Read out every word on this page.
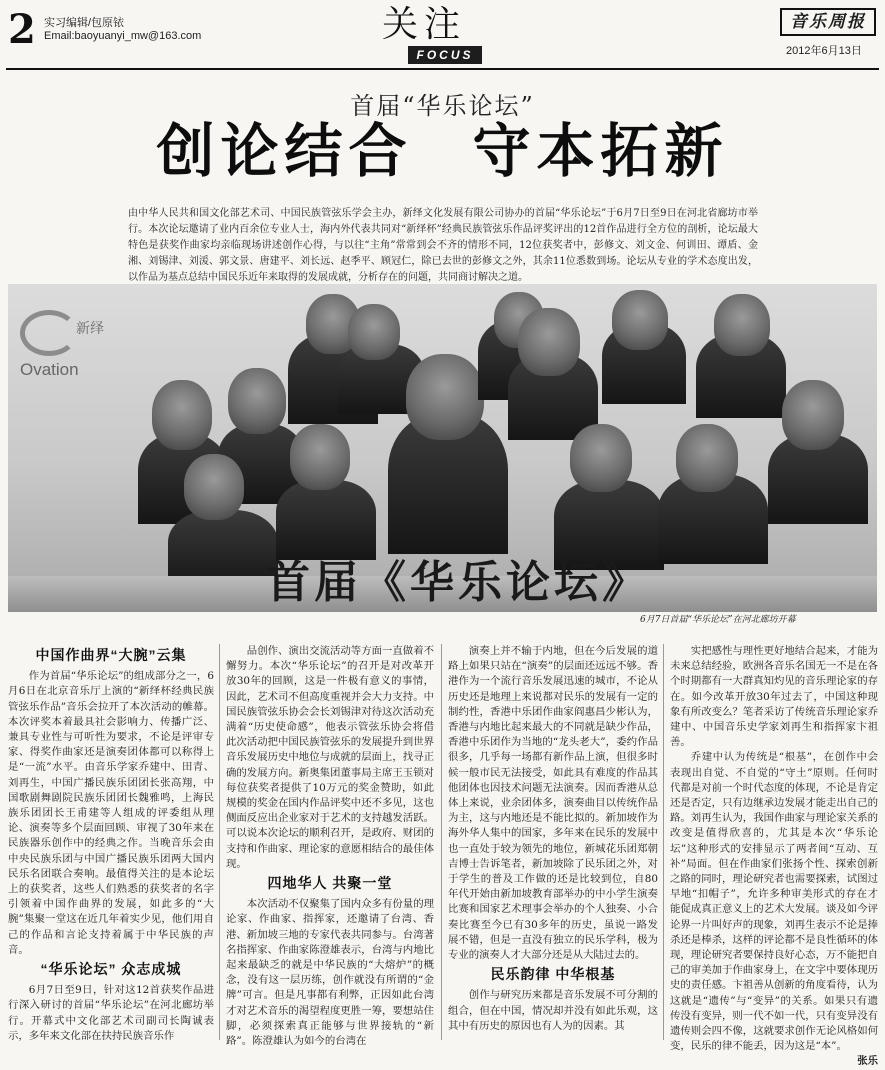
2 实习编辑/包原铱
Email:baoyuanyi_mw@163.com	关注
FOCUS
音乐周报
2012年6月13日
首届“华乐论坛”
创论结合 守本拓新
由中华人民共和国文化部艺术司、中国民族管弦乐学会主办，新绎文化发展有限公司协办的首届“华乐论坛”于6月7日至9日在河北省廊坊市举行。本次论坛邀请了业内百余位专业人士，海内外代表共同对“新绎杯”经典民族管弦乐作品评奖评出的12首作品进行全方位的剖析，论坛最大特色是获奖作曲家均亲临现场讲述创作心得，与以往“主角”常常到会不齐的情形不同，12位获奖者中，彭修文、刘文金、何训田、谭盾、金湘、刘锡津、刘湲、郭文景、唐建平、刘长远、赵季平、顾冠仁，除已去世的彭修文之外，其余11位悉数到场。论坛从专业的学术态度出发，以作品为基点总结中国民乐近年来取得的发展成就，分析存在的问题，共同商讨解决之道。
Ovation
新绎
首届《华乐论坛》
6月7日首届“华乐论坛”在河北廊坊开幕
中国作曲界“大腕”云集

作为首届“华乐论坛”的组成部分之一，6月6日在北京音乐厅上演的“新绎杯经典民族管弦乐作品”音乐会拉开了本次活动的帷幕。本次评奖本着最具社会影响力、传播广泛、兼具专业性与可听性为要求，不论是评审专家、得奖作曲家还是演奏团体都可以称得上是“一流”水平。由音乐学家乔建中、田青、刘再生，中国广播民族乐团团长张高翔，中国歌剧舞剧院民族乐团团长魏雅鸣，上海民族乐团团长王甫建等人组成的评委组从理论、演奏等多个层面回顾、审视了30年来在民族器乐创作中的经典之作。当晚音乐会由中央民族乐团与中国广播民族乐团两大国内民乐名团联合奏响。最值得关注的是本论坛上的获奖者，这些人们熟悉的获奖者的名字引领着中国作曲界的发展，如此多的“大腕”集聚一堂这在近几年着实少见，他们用自己的作品和言论支持着属于中华民族的声音。

“华乐论坛” 众志成城

6月7日至9日，针对这12首获奖作品进行深入研讨的首届“华乐论坛”在河北廊坊举行。开幕式中文化部艺术司副司长陶诚表示，多年来文化部在扶持民族音乐作

品创作、演出交流活动等方面一直做着不懈努力。本次“华乐论坛”的召开是对改革开放30年的回顾，这是一件极有意义的事情，因此，艺术司不但高度重视并会大力支持。中国民族管弦乐协会会长刘锡津对待这次活动充满着“历史使命感”，他表示管弦乐协会将借此次活动把中国民族管弦乐的发展提升到世界音乐发展历史中地位与成就的层面上，找寻正确的发展方向。新奥集团董事局主席王玉锁对每位获奖者提供了10万元的奖金赞助，如此规模的奖金在国内作品评奖中还不多见，这也侧面反应出企业家对于艺术的支持越发活跃。可以说本次论坛的顺利召开，是政府、财团的支持和作曲家、理论家的意愿相结合的最佳体现。

四地华人 共聚一堂

本次活动不仅聚集了国内众多有份量的理论家、作曲家、指挥家，还邀请了台湾、香港、新加坡三地的专家代表共同参与。台湾著名指挥家、作曲家陈澄雄表示，台湾与内地比起来最缺乏的就是中华民族的“大熔炉”的概念，没有这一层历练，创作就没有所谓的“金牌”可言。但是凡事都有利弊，正因如此台湾才对艺术音乐的渴望程度更胜一筹，要想站住脚，必须探索真正能够与世界接轨的“新路”。陈澄雄认为如今的台湾在

演奏上并不输于内地，但在今后发展的道路上如果只站在“演奏”的层面还远远不够。香港作为一个流行音乐发展迅速的城市，不论从历史还是地理上来说都对民乐的发展有一定的制约性，香港中乐团作曲家阎惠昌少彬认为，香港与内地比起来最大的不同就是缺少作品，香港中乐团作为当地的“龙头老大”，委约作品很多，几乎每一场都有新作品上演，但很多时候一般市民无法接受，如此具有难度的作品其他团体也因技术问题无法演奏。因而香港从总体上来说，业余团体多，演奏曲目以传统作品为主，这与内地还是不能比拟的。新加坡作为海外华人集中的国家，多年来在民乐的发展中也一直处于较为领先的地位，新城花乐团郑朝吉博士告诉笔者，新加坡除了民乐团之外，对于学生的普及工作做的还是比较到位，自80年代开始由新加坡教育部举办的中小学生演奏比赛和国家艺术理事会举办的个人独奏、小合奏比赛至今已有30多年的历史，虽说一路发展不错，但是一直没有独立的民乐学科，极为专业的演奏人才大部分还是从大陆过去的。

民乐韵律 中华根基

创作与研究历来都是音乐发展不可分割的组合，但在中国，情况却并没有如此乐观，这其中有历史的原因也有人为的因素。其

实把感性与理性更好地结合起来，才能为未来总结经验，欧洲各音乐名国无一不是在各个时期都有一大群真知灼见的音乐理论家的存在。如今改革开放30年过去了，中国这种现象有所改变么？笔者采访了传统音乐理论家乔建中、中国音乐史学家刘再生和指挥家卞祖善。

乔建中认为传统是“根基”，在创作中会表现出自觉、不自觉的“守土”原则。任何时代都是对前一个时代态度的体现，不论是肯定还是否定，只有边继承边发展才能走出自己的路。刘再生认为，我国作曲家与理论家关系的改变是值得欣喜的，尤其是本次“华乐论坛”这种形式的安排显示了两者间“互动、互补”局面。但在作曲家们张扬个性、探索创新之路的同时，理论研究者也需要探索，试图过早地“扣帽子”，允许多种审美形式的存在才能促成真正意义上的艺术大发展。谈及如今评论界一片叫好声的现象，刘再生表示不论是捧杀还是棒杀，这样的评论都不是良性循环的体现，理论研究者要保持良好心态，万不能把自己的审美加于作曲家身上，在文字中要体现历史的责任感。卞祖善从创新的角度看待，认为这就是“遗传”与“变异”的关系。如果只有遗传没有变异，则一代不如一代，只有变异没有遗传则会四不像，这就要求创作无论风格如何变，民乐的律不能丢，因为这是“本”。
张乐
